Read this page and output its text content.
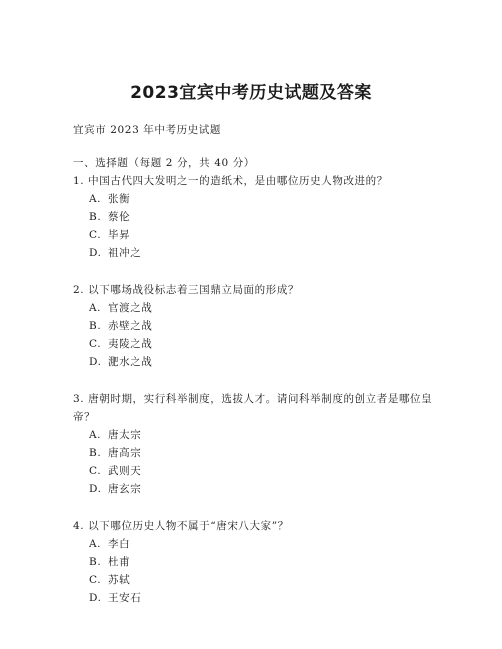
2023宜宾中考历史试题及答案
宜宾市 2023 年中考历史试题
一、选择题（每题 2 分，共 40 分）
1. 中国古代四大发明之一的造纸术，是由哪位历史人物改进的？
A. 张衡
B. 蔡伦
C. 毕昇
D. 祖冲之
2. 以下哪场战役标志着三国鼎立局面的形成？
A. 官渡之战
B. 赤壁之战
C. 夷陵之战
D. 淝水之战
3. 唐朝时期，实行科举制度，选拔人才。请问科举制度的创立者是哪位皇帝？
A. 唐太宗
B. 唐高宗
C. 武则天
D. 唐玄宗
4. 以下哪位历史人物不属于“唐宋八大家”？
A. 李白
B. 杜甫
C. 苏轼
D. 王安石
